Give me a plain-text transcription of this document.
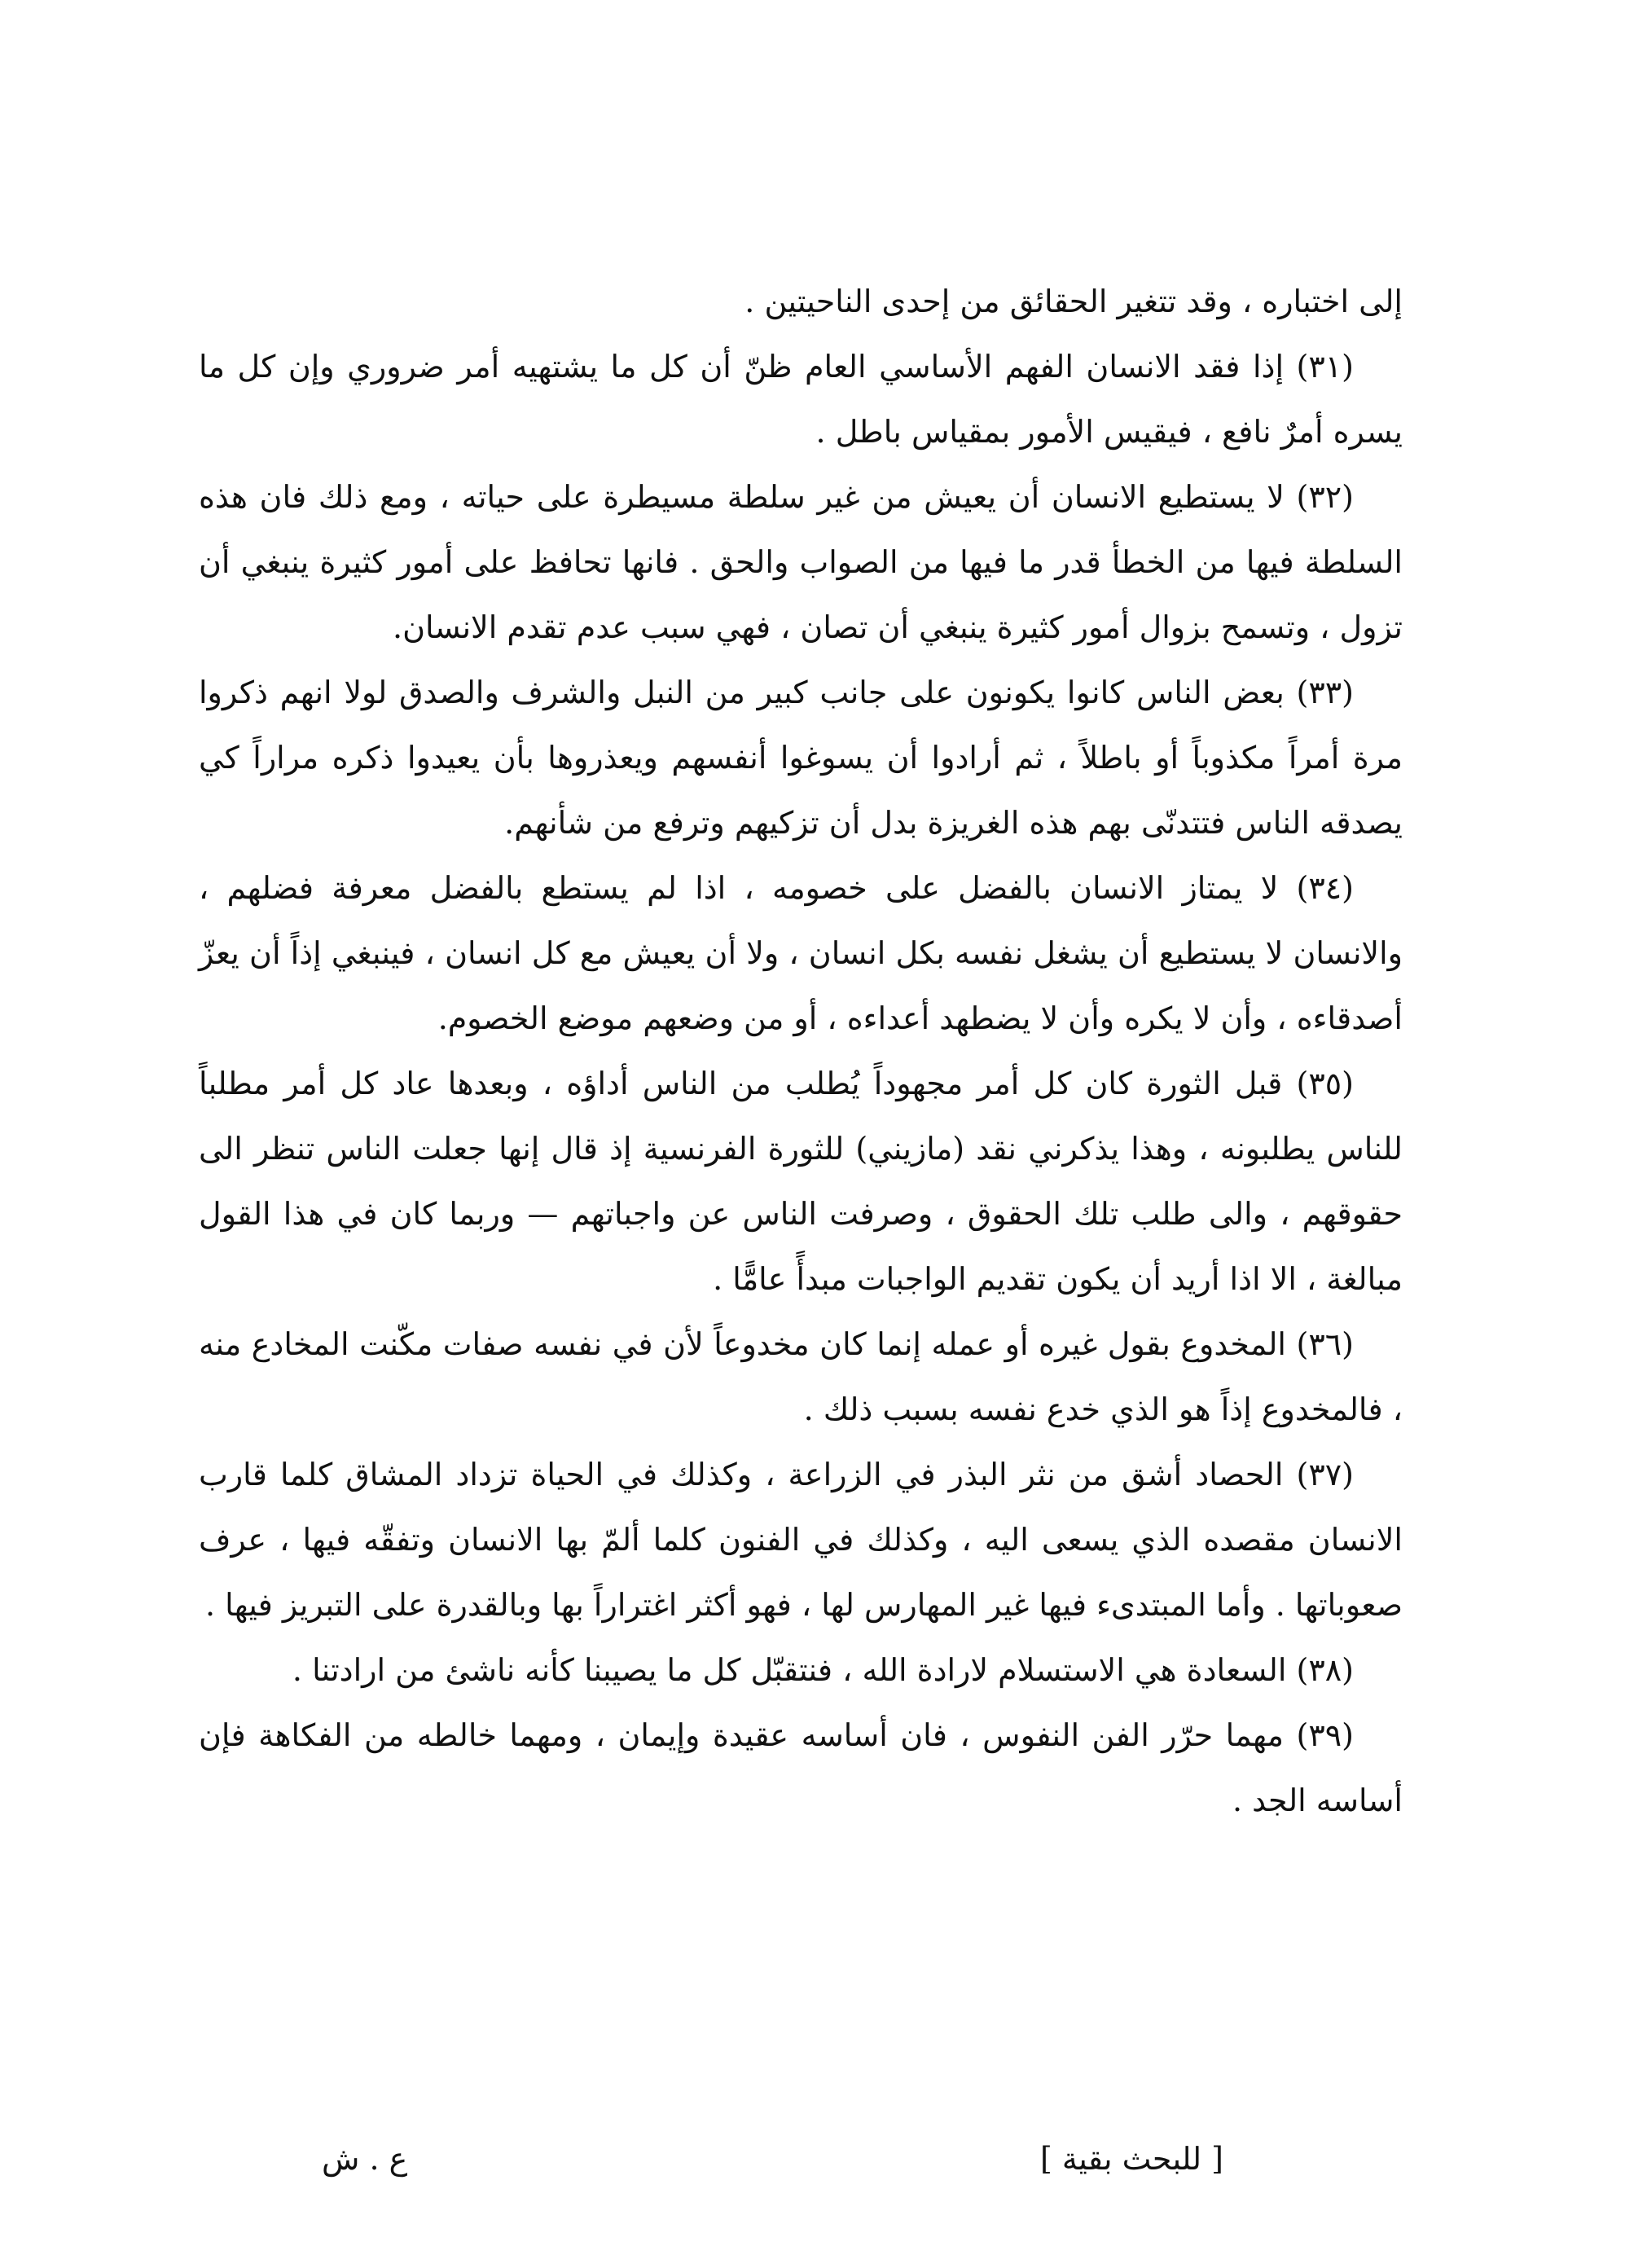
إلى اختباره ، وقد تتغير الحقائق من إحدى الناحيتين .

(٣١) إذا فقد الانسان الفهم الأساسي العام ظنّ أن كل ما يشتهيه أمر ضروري وإن كل ما يسره أمرٌ نافع ، فيقيس الأمور بمقياس باطل .

(٣٢) لا يستطيع الانسان أن يعيش من غير سلطة مسيطرة على حياته ، ومع ذلك فان هذه السلطة فيها من الخطأ قدر ما فيها من الصواب والحق . فانها تحافظ على أمور كثيرة ينبغي أن تزول ، وتسمح بزوال أمور كثيرة ينبغي أن تصان ، فهي سبب عدم تقدم الانسان.

(٣٣) بعض الناس كانوا يكونون على جانب كبير من النبل والشرف والصدق لولا انهم ذكروا مرة أمراً مكذوباً أو باطلاً ، ثم أرادوا أن يسوغوا أنفسهم ويعذروها بأن يعيدوا ذكره مراراً كي يصدقه الناس فتتدنّى بهم هذه الغريزة بدل أن تزكيهم وترفع من شأنهم.

(٣٤) لا يمتاز الانسان بالفضل على خصومه ، اذا لم يستطع بالفضل معرفة فضلهم ، والانسان لا يستطيع أن يشغل نفسه بكل انسان ، ولا أن يعيش مع كل انسان ، فينبغي إذاً أن يعزّ أصدقاءه ، وأن لا يكره وأن لا يضطهد أعداءه ، أو من وضعهم موضع الخصوم.

(٣٥) قبل الثورة كان كل أمر مجهوداً يُطلب من الناس أداؤه ، وبعدها عاد كل أمر مطلباً للناس يطلبونه ، وهذا يذكرني نقد (مازيني) للثورة الفرنسية إذ قال إنها جعلت الناس تنظر الى حقوقهم ، والى طلب تلك الحقوق ، وصرفت الناس عن واجباتهم — وربما كان في هذا القول مبالغة ، الا اذا أريد أن يكون تقديم الواجبات مبدأً عامًّا .

(٣٦) المخدوع بقول غيره أو عمله إنما كان مخدوعاً لأن في نفسه صفات مكّنت المخادع منه ، فالمخدوع إذاً هو الذي خدع نفسه بسبب ذلك .

(٣٧) الحصاد أشق من نثر البذر في الزراعة ، وكذلك في الحياة تزداد المشاق كلما قارب الانسان مقصده الذي يسعى اليه ، وكذلك في الفنون كلما ألمّ بها الانسان وتفقّه فيها ، عرف صعوباتها . وأما المبتدىء فيها غير المهارس لها ، فهو أكثر اغتراراً بها وبالقدرة على التبريز فيها .

(٣٨) السعادة هي الاستسلام لارادة الله ، فنتقبّل كل ما يصيبنا كأنه ناشئ من ارادتنا .

(٣٩) مهما حرّر الفن النفوس ، فان أساسه عقيدة وإيمان ، ومهما خالطه من الفكاهة فإن أساسه الجد .

[ للبحث بقية ]
ع . ش
